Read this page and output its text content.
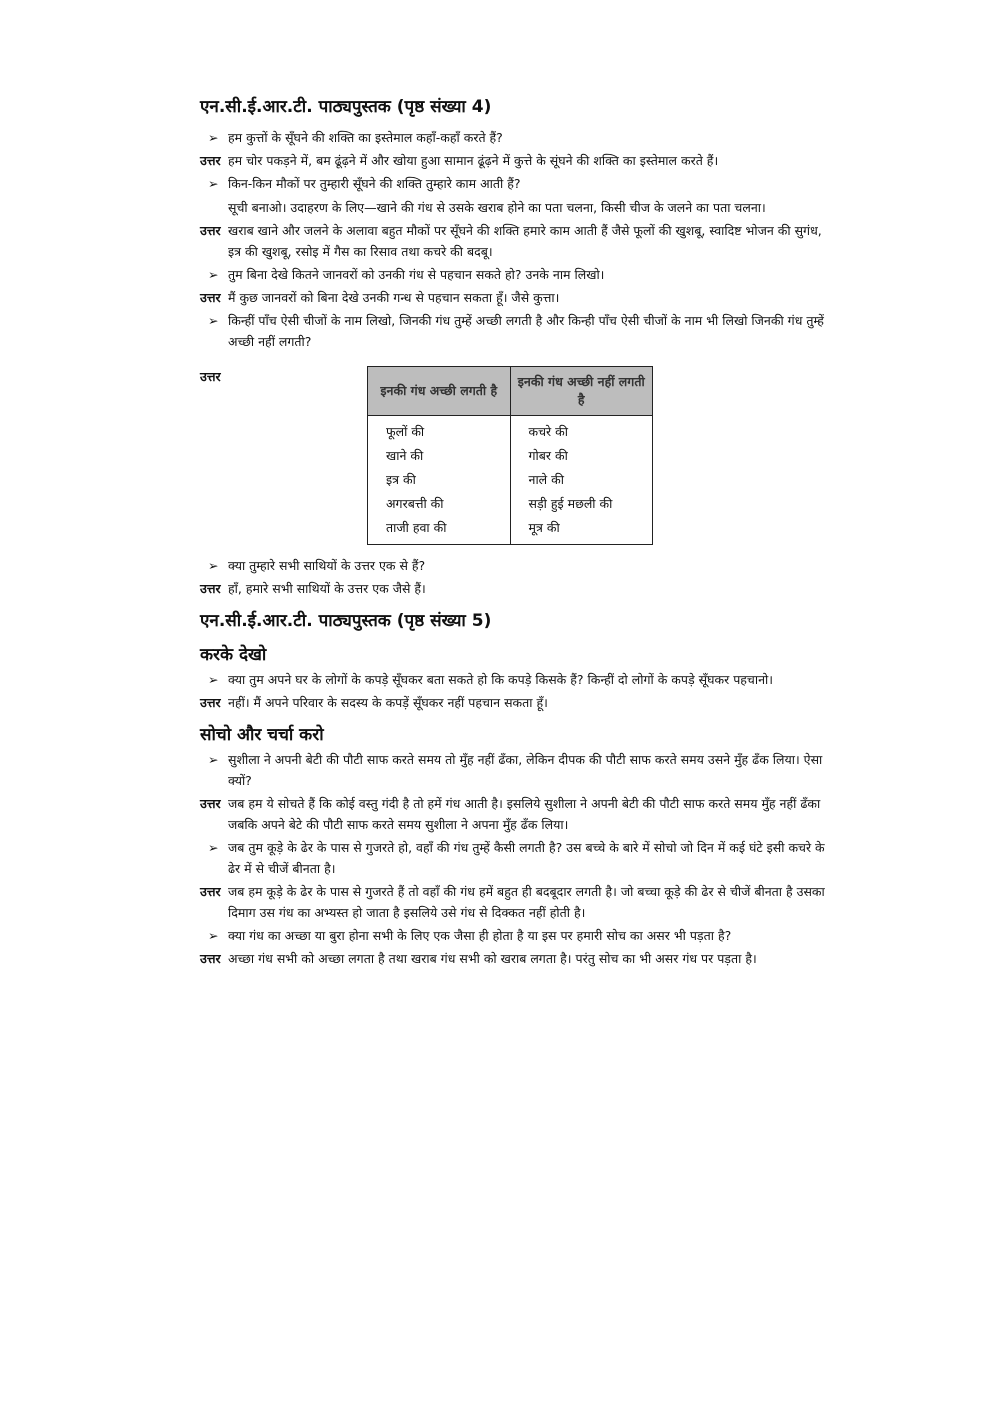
एन.सी.ई.आर.टी. पाठ्यपुस्तक (पृष्ठ संख्या 4)
➢ हम कुत्तों के सूँघने की शक्ति का इस्तेमाल कहाँ-कहाँ करते हैं?
उत्तर हम चोर पकड़ने में, बम ढूंढ़ने में और खोया हुआ सामान ढूंढ़ने में कुत्ते के सूंघने की शक्ति का इस्तेमाल करते हैं।
➢ किन-किन मौकों पर तुम्हारी सूँघने की शक्ति तुम्हारे काम आती हैं?
सूची बनाओ। उदाहरण के लिए—खाने की गंध से उसके खराब होने का पता चलना, किसी चीज के जलने का पता चलना।
उत्तर खराब खाने और जलने के अलावा बहुत मौकों पर सूँघने की शक्ति हमारे काम आती हैं जैसे फूलों की खुशबू, स्वादिष्ट भोजन की सुगंध, इत्र की खुशबू, रसोइ में गैस का रिसाव तथा कचरे की बदबू।
➢ तुम बिना देखे कितने जानवरों को उनकी गंध से पहचान सकते हो? उनके नाम लिखो।
उत्तर मैं कुछ जानवरों को बिना देखे उनकी गन्ध से पहचान सकता हूँ। जैसे कुत्ता।
➢ किन्हीं पाँच ऐसी चीजों के नाम लिखो, जिनकी गंध तुम्हें अच्छी लगती है और किन्ही पाँच ऐसी चीजों के नाम भी लिखो जिनकी गंध तुम्हें अच्छी नहीं लगती?
उत्तर
इनकी गंध अच्छी लगती है	इनकी गंध अच्छी नहीं लगती है
फूलों की	कचरे की
खाने की	गोबर की
इत्र की	नाले की
अगरबत्ती की	सड़ी हुई मछली की
ताजी हवा की	मूत्र की
➢ क्या तुम्हारे सभी साथियों के उत्तर एक से हैं?
उत्तर हाँ, हमारे सभी साथियों के उत्तर एक जैसे हैं।
एन.सी.ई.आर.टी. पाठ्यपुस्तक (पृष्ठ संख्या 5)
करके देखो
➢ क्या तुम अपने घर के लोगों के कपड़े सूँघकर बता सकते हो कि कपड़े किसके हैं? किन्हीं दो लोगों के कपड़े सूँघकर पहचानो।
उत्तर नहीं। मैं अपने परिवार के सदस्य के कपड़ें सूँघकर नहीं पहचान सकता हूँ।
सोचो और चर्चा करो
➢ सुशीला ने अपनी बेटी की पौटी साफ करते समय तो मुँह नहीं ढँका, लेकिन दीपक की पौटी साफ करते समय उसने मुँह ढँक लिया। ऐसा क्यों?
उत्तर जब हम ये सोचते हैं कि कोई वस्तु गंदी है तो हमें गंध आती है। इसलिये सुशीला ने अपनी बेटी की पौटी साफ करते समय मुँह नहीं ढँका जबकि अपने बेटे की पौटी साफ करते समय सुशीला ने अपना मुँह ढँक लिया।
➢ जब तुम कूड़े के ढेर के पास से गुजरते हो, वहाँ की गंध तुम्हें कैसी लगती है? उस बच्चे के बारे में सोचो जो दिन में कई घंटे इसी कचरे के ढेर में से चीजें बीनता है।
उत्तर जब हम कूड़े के ढेर के पास से गुजरते हैं तो वहाँ की गंध हमें बहुत ही बदबूदार लगती है। जो बच्चा कूड़े की ढेर से चीजें बीनता है उसका दिमाग उस गंध का अभ्यस्त हो जाता है इसलिये उसे गंध से दिक्कत नहीं होती है।
➢ क्या गंध का अच्छा या बुरा होना सभी के लिए एक जैसा ही होता है या इस पर हमारी सोच का असर भी पड़ता है?
उत्तर अच्छा गंध सभी को अच्छा लगता है तथा खराब गंध सभी को खराब लगता है। परंतु सोच का भी असर गंध पर पड़ता है।
